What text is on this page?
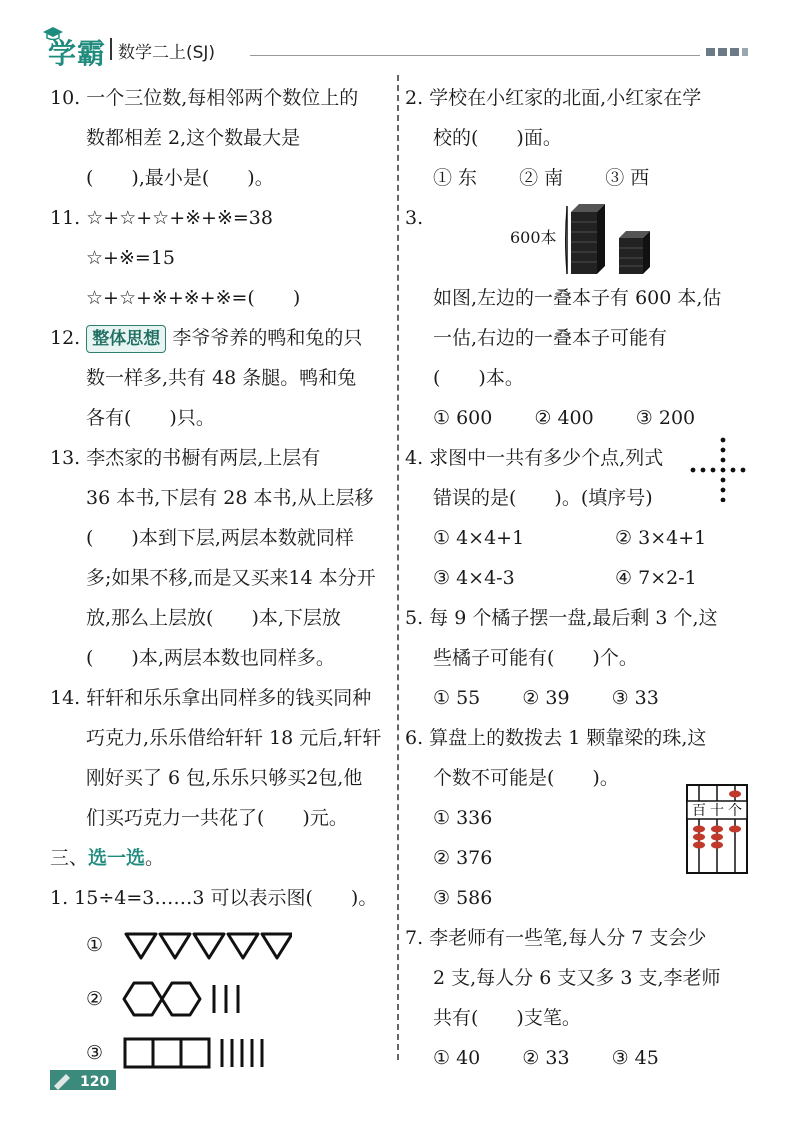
学霸 数学二上(SJ)
10. 一个三位数,每相邻两个数位上的
数都相差 2,这个数最大是
(　　),最小是(　　)。
11. ☆+☆+☆+※+※=38
☆+※=15
☆+☆+※+※+※=(　　)
12. 整体思想 李爷爷养的鸭和兔的只
数一样多,共有 48 条腿。鸭和兔
各有(　　)只。
13. 李杰家的书橱有两层,上层有
36 本书,下层有 28 本书,从上层移
(　　)本到下层,两层本数就同样
多;如果不移,而是又买来14 本分开
放,那么上层放(　　)本,下层放
(　　)本,两层本数也同样多。
14. 轩轩和乐乐拿出同样多的钱买同种
巧克力,乐乐借给轩轩 18 元后,轩轩
刚好买了 6 包,乐乐只够买2包,他
们买巧克力一共花了(　　)元。
三、选一选。
1. 15÷4=3……3 可以表示图(　　)。
①
②
③
2. 学校在小红家的北面,小红家在学
校的(　　)面。
① 东 ② 南 ③ 西
3.
600本
如图,左边的一叠本子有 600 本,估
一估,右边的一叠本子可能有
(　　)本。
① 600 ② 400 ③ 200
4. 求图中一共有多少个点,列式
错误的是(　　)。(填序号)
① 4×4+1	② 3×4+1
③ 4×4-3	④ 7×2-1
5. 每 9 个橘子摆一盘,最后剩 3 个,这
些橘子可能有(　　)个。
① 55 ② 39 ③ 33
6. 算盘上的数拨去 1 颗靠梁的珠,这
个数不可能是(　　)。
① 336
② 376
③ 586
7. 李老师有一些笔,每人分 7 支会少
2 支,每人分 6 支又多 3 支,李老师
共有(　　)支笔。
① 40 ② 33 ③ 45
百 十 个
120
